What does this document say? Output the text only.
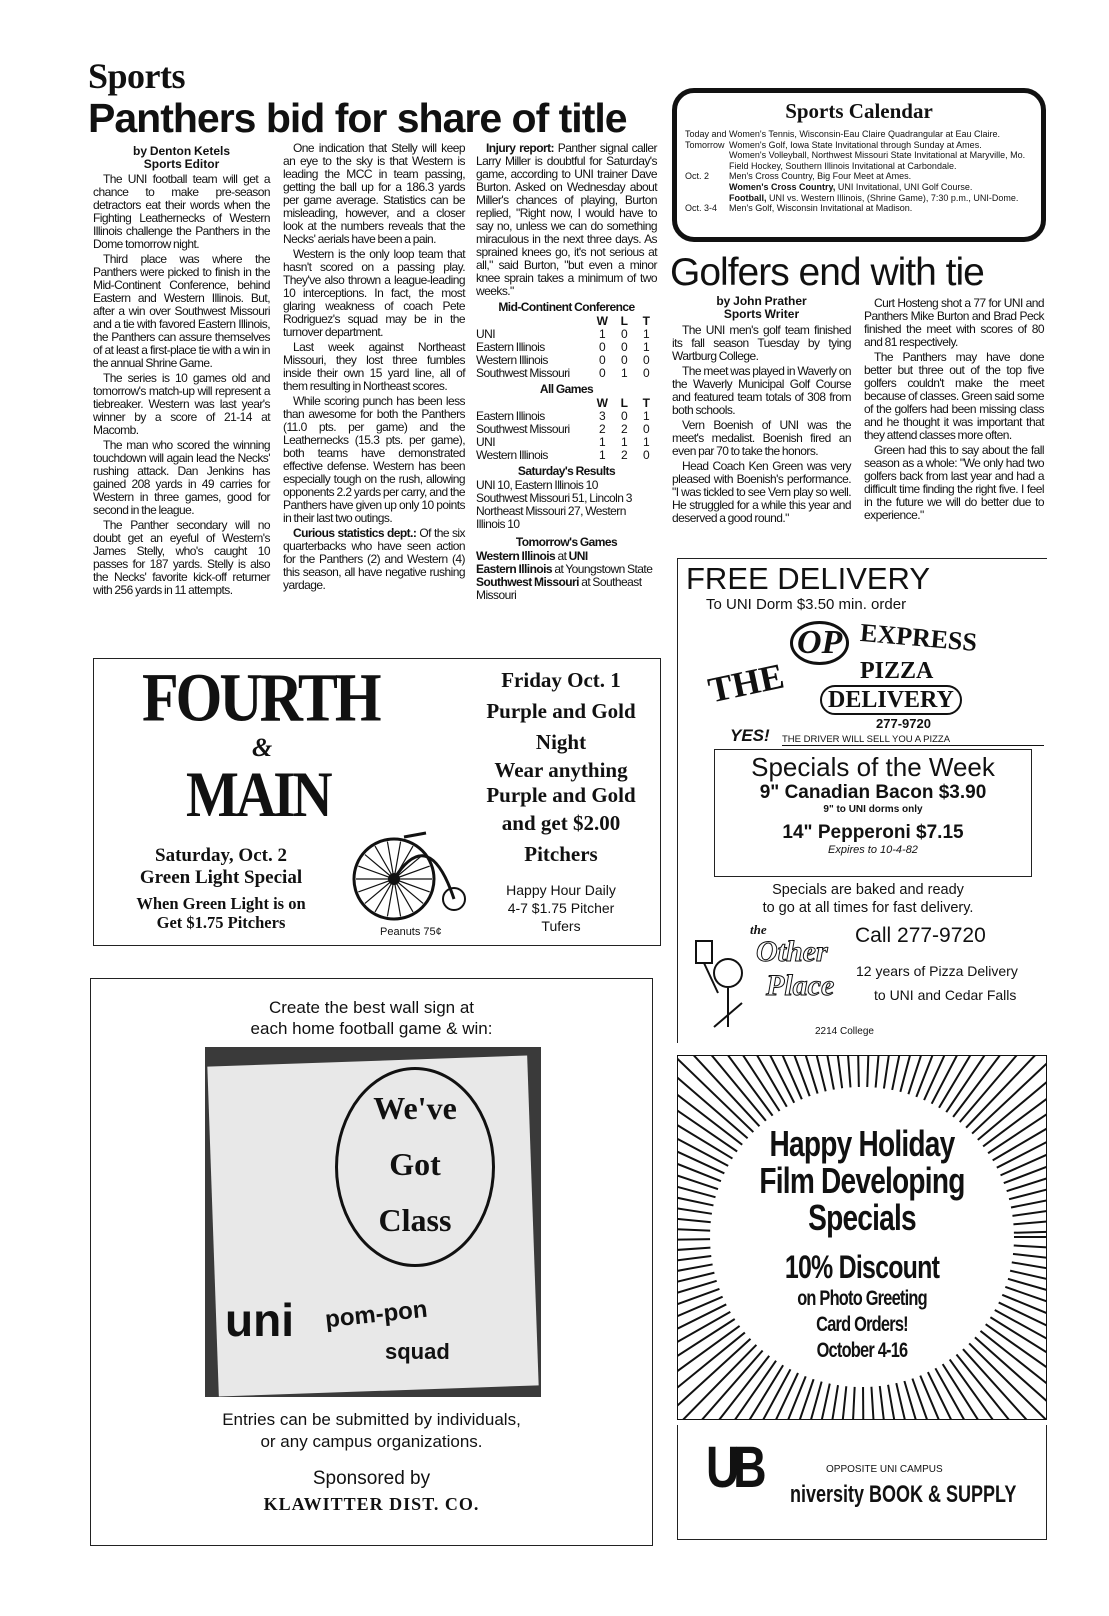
Sports
Panthers bid for share of title

by Denton Ketels
Sports Editor

The UNI football team will get a chance to make pre-season detractors eat their words when the Fighting Leathernecks of Western Illinois challenge the Panthers in the Dome tomorrow night.

Third place was where the Panthers were picked to finish in the Mid-Continent Conference, behind Eastern and Western Illinois. But, after a win over Southwest Missouri and a tie with favored Eastern Illinois, the Panthers can assure themselves of at least a first-place tie with a win in the annual Shrine Game.

The series is 10 games old and tomorrow's match-up will represent a tiebreaker. Western was last year's winner by a score of 21-14 at Macomb.

The man who scored the winning touchdown will again lead the Necks' rushing attack. Dan Jenkins has gained 208 yards in 49 carries for Western in three games, good for second in the league.

The Panther secondary will no doubt get an eyeful of Western's James Stelly, who's caught 10 passes for 187 yards. Stelly is also the Necks' favorite kick-off returner with 256 yards in 11 attempts.

One indication that Stelly will keep an eye to the sky is that Western is leading the MCC in team passing, getting the ball up for a 186.3 yards per game average. Statistics can be misleading, however, and a closer look at the numbers reveals that the Necks' aerials have been a pain.

Western is the only loop team that hasn't scored on a passing play. They've also thrown a league-leading 10 interceptions. In fact, the most glaring weakness of coach Pete Rodriguez's squad may be in the turnover department.

Last week against Northeast Missouri, they lost three fumbles inside their own 15 yard line, all of them resulting in Northeast scores.

While scoring punch has been less than awesome for both the Panthers (11.0 pts. per game) and the Leathernecks (15.3 pts. per game), both teams have demonstrated effective defense. Western has been especially tough on the rush, allowing opponents 2.2 yards per carry, and the Panthers have given up only 10 points in their last two outings.

Curious statistics dept.: Of the six quarterbacks who have seen action for the Panthers (2) and Western (4) this season, all have negative rushing yardage.

Injury report: Panther signal caller Larry Miller is doubtful for Saturday's game, according to UNI trainer Dave Burton. Asked on Wednesday about Miller's chances of playing, Burton replied, "Right now, I would have to say no, unless we can do something miraculous in the next three days. As sprained knees go, it's not serious at all," said Burton, "but even a minor knee sprain takes a minimum of two weeks."

Mid-Continent Conference
	W	L	T
UNI	1	0	1
Eastern Illinois	0	0	1
Western Illinois	0	0	0
Southwest Missouri	0	1	0
All Games
	W	L	T
Eastern Illinois	3	0	1
Southwest Missouri	2	2	0
UNI	1	1	1
Western Illinois	1	2	0
Saturday's Results
UNI 10, Eastern Illinois 10
Southwest Missouri 51, Lincoln 3
Northeast Missouri 27, Western Illinois 10
Tomorrow's Games
Western Illinois at UNI
Eastern Illinois at Youngstown State
Southwest Missouri at Southeast Missouri
Sports Calendar
Today and Women's Tennis, Wisconsin-Eau Claire Quadrangular at Eau Claire.
Tomorrow Women's Golf, Iowa State Invitational through Sunday at Ames.
Women's Volleyball, Northwest Missouri State Invitational at Maryville, Mo.
Field Hockey, Southern Illinois Invitational at Carbondale.
Oct. 2	Men's Cross Country, Big Four Meet at Ames.
Women's Cross Country, UNI Invitational, UNI Golf Course.
Football, UNI vs. Western Illinois, (Shrine Game), 7:30 p.m., UNI-Dome.
Oct. 3-4	Men's Golf, Wisconsin Invitational at Madison.
Golfers end with tie

by John Prather
Sports Writer

The UNI men's golf team finished its fall season Tuesday by tying Wartburg College.

The meet was played in Waverly on the Waverly Municipal Golf Course and featured team totals of 308 from both schools.

Vern Boenish of UNI was the meet's medalist. Boenish fired an even par 70 to take the honors.

Head Coach Ken Green was very pleased with Boenish's performance. "I was tickled to see Vern play so well. He struggled for a while this year and deserved a good round."

Curt Hosteng shot a 77 for UNI and Panthers Mike Burton and Brad Peck finished the meet with scores of 80 and 81 respectively.

The Panthers may have done better but three out of the top five golfers couldn't make the meet because of classes. Green said some of the golfers had been missing class and he thought it was important that they attend classes more often.

Green had this to say about the fall season as a whole: "We only had two golfers back from last year and had a difficult time finding the right five. I feel in the future we will do better due to experience."

FREE DELIVERY
To UNI Dorm $3.50 min. order
THE
OP EXPRESS
PIZZA
DELIVERY
277-9720
YES! THE DRIVER WILL SELL YOU A PIZZA
Specials of the Week
9" Canadian Bacon $3.90
9" to UNI dorms only
14" Pepperoni $7.15
Expires to 10-4-82
Specials are baked and ready
to go at all times for fast delivery.
Call 277-9720
12 years of Pizza Delivery
to UNI and Cedar Falls
the
Other
Place
2214 College
FOURTH
&
MAIN
Saturday, Oct. 2
Green Light Special
When Green Light is on
Get $1.75 Pitchers	Peanuts 75¢
Friday Oct. 1
Purple and Gold
Night
Wear anything
Purple and Gold
and get $2.00
Pitchers
Happy Hour Daily
4-7 $1.75 Pitcher
Tufers
Create the best wall sign at
each home football game & win:
We've
Got
Class
uni pom-pon
squad
Entries can be submitted by individuals,
or any campus organizations.
Sponsored by
KLAWITTER DIST. CO.
Happy Holiday
Film Developing
Specials
10% Discount
on Photo Greeting
Card Orders!
October 4-16
OPPOSITE UNI CAMPUS
UB niversity BOOK & SUPPLY
